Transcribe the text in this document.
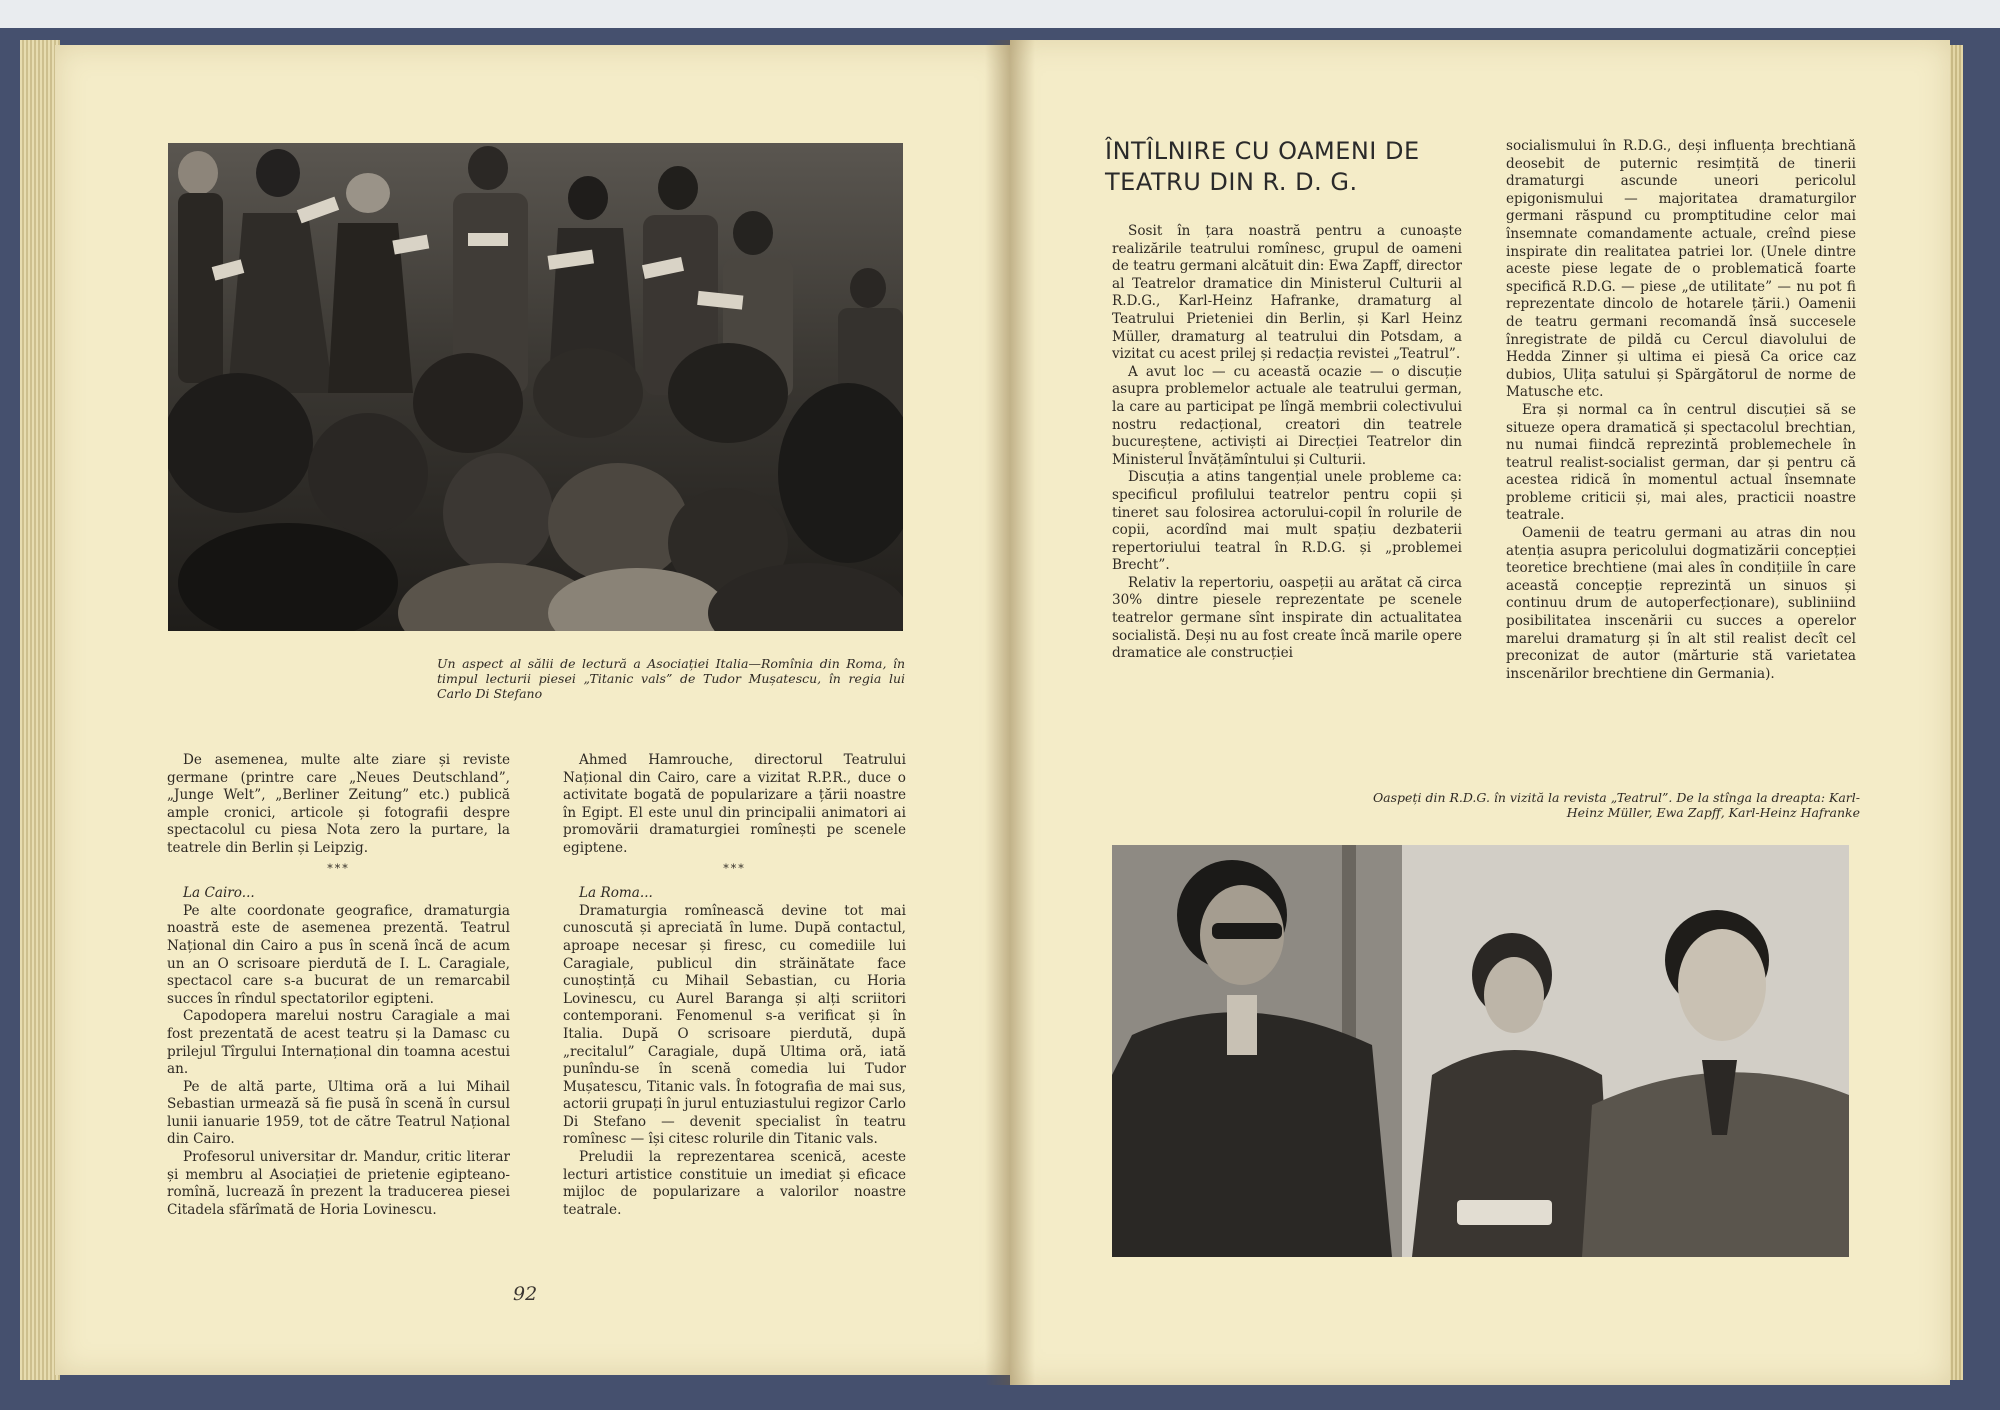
Un aspect al sălii de lectură a Asociației Italia—Romînia din Roma, în timpul lecturii piesei „Titanic vals” de Tudor Mușatescu, în regia lui Carlo Di Stefano

De asemenea, multe alte ziare și reviste germane (printre care „Neues Deutschland”, „Junge Welt”, „Berliner Zeitung” etc.) publică ample cronici, articole și fotografii despre spectacolul cu piesa Nota zero la purtare, la teatrele din Berlin și Leipzig.

***

La Cairo...

Pe alte coordonate geografice, dramaturgia noastră este de asemenea prezentă. Teatrul Național din Cairo a pus în scenă încă de acum un an O scrisoare pierdută de I. L. Caragiale, spectacol care s-a bucurat de un remarcabil succes în rîndul spectatorilor egipteni.

Capodopera marelui nostru Caragiale a mai fost prezentată de acest teatru și la Damasc cu prilejul Tîrgului Internațional din toamna acestui an.

Pe de altă parte, Ultima oră a lui Mihail Sebastian urmează să fie pusă în scenă în cursul lunii ianuarie 1959, tot de către Teatrul Național din Cairo.

Profesorul universitar dr. Mandur, critic literar și membru al Asociației de prietenie egipteano-romînă, lucrează în prezent la traducerea piesei Citadela sfărîmată de Horia Lovinescu.

Ahmed Hamrouche, directorul Teatrului Național din Cairo, care a vizitat R.P.R., duce o activitate bogată de popularizare a țării noastre în Egipt. El este unul din principalii animatori ai promovării dramaturgiei romînești pe scenele egiptene.

***

La Roma...

Dramaturgia romînească devine tot mai cunoscută și apreciată în lume. După contactul, aproape necesar și firesc, cu comediile lui Caragiale, publicul din străinătate face cunoștință cu Mihail Sebastian, cu Horia Lovinescu, cu Aurel Baranga și alți scriitori contemporani. Fenomenul s-a verificat și în Italia. După O scrisoare pierdută, după „recitalul” Caragiale, după Ultima oră, iată punîndu-se în scenă comedia lui Tudor Mușatescu, Titanic vals. În fotografia de mai sus, actorii grupați în jurul entuziastului regizor Carlo Di Stefano — devenit specialist în teatru romînesc — își citesc rolurile din Titanic vals.

Preludii la reprezentarea scenică, aceste lecturi artistice constituie un imediat și eficace mijloc de popularizare a valorilor noastre teatrale.

92
ÎNTÎLNIRE CU OAMENI DE
TEATRU DIN R. D. G.

Sosit în țara noastră pentru a cunoaște realizările teatrului romînesc, grupul de oameni de teatru germani alcătuit din: Ewa Zapff, director al Teatrelor dramatice din Ministerul Culturii al R.D.G., Karl-Heinz Hafranke, dramaturg al Teatrului Prieteniei din Berlin, și Karl Heinz Müller, dramaturg al teatrului din Potsdam, a vizitat cu acest prilej și redacția revistei „Teatrul”.

A avut loc — cu această ocazie — o discuție asupra problemelor actuale ale teatrului german, la care au participat pe lîngă membrii colectivului nostru redacțional, creatori din teatrele bucureștene, activiști ai Direcției Teatrelor din Ministerul Învățămîntului și Culturii.

Discuția a atins tangențial unele probleme ca: specificul profilului teatrelor pentru copii și tineret sau folosirea actorului-copil în rolurile de copii, acordînd mai mult spațiu dezbaterii repertoriului teatral în R.D.G. și „problemei Brecht”.

Relativ la repertoriu, oaspeții au arătat că circa 30% dintre piesele reprezentate pe scenele teatrelor germane sînt inspirate din actualitatea socialistă. Deși nu au fost create încă marile opere dramatice ale construcției

socialismului în R.D.G., deși influența brechtiană deosebit de puternic resimțită de tinerii dramaturgi ascunde uneori pericolul epigonismului — majoritatea dramaturgilor germani răspund cu promptitudine celor mai însemnate comandamente actuale, creînd piese inspirate din realitatea patriei lor. (Unele dintre aceste piese legate de o problematică foarte specifică R.D.G. — piese „de utilitate” — nu pot fi reprezentate dincolo de hotarele țării.) Oamenii de teatru germani recomandă însă succesele înregistrate de pildă cu Cercul diavolului de Hedda Zinner și ultima ei piesă Ca orice caz dubios, Ulița satului și Spărgătorul de norme de Matusche etc.

Era și normal ca în centrul discuției să se situeze opera dramatică și spectacolul brechtian, nu numai fiindcă reprezintă problemechele în teatrul realist-socialist german, dar și pentru că acestea ridică în momentul actual însemnate probleme criticii și, mai ales, practicii noastre teatrale.

Oamenii de teatru germani au atras din nou atenția asupra pericolului dogmatizării concepției teoretice brechtiene (mai ales în condițiile în care această concepție reprezintă un sinuos și continuu drum de autoperfecționare), subliniind posibilitatea inscenării cu succes a operelor marelui dramaturg și în alt stil realist decît cel preconizat de autor (mărturie stă varietatea inscenărilor brechtiene din Germania).

Oaspeți din R.D.G. în vizită la revista „Teatrul”. De la stînga la dreapta: Karl-Heinz Müller, Ewa Zapff, Karl-Heinz Hafranke
